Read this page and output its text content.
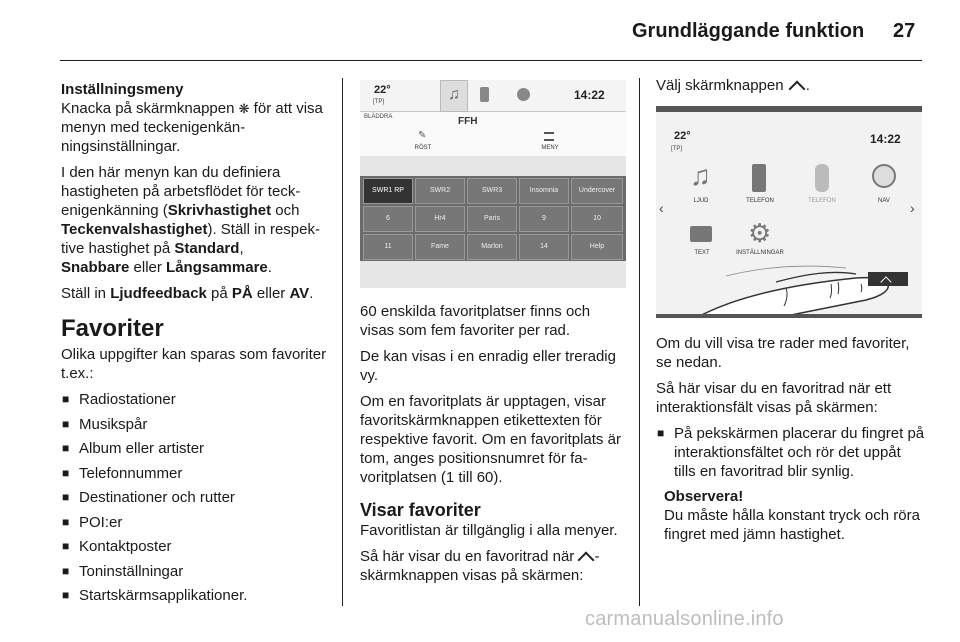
Grundläggande funktion 27
Inställningsmeny

Knacka på skärmknappen ❋ för att visa menyn med teckenigenkänningsinställningar.

I den här menyn kan du definiera hastigheten på arbetsflödet för teckenigenkänning (Skrivhastighet och Teckenvalshastighet). Ställ in respektive hastighet på Standard,
Snabbare eller Långsammare.

Ställ in Ljudfeedback på PÅ eller AV.

Favoriter

Olika uppgifter kan sparas som favoriter t.ex.:

■ Radiostationer
■ Musikspår
■ Album eller artister
■ Telefonnummer
■ Destinationer och rutter
■ POI:er
■ Kontaktposter
■ Toninställningar
■ Startskärmsapplikationer.
22°
[TP]	14:22
♫
BLÄDDRA	FFH
✎
RÖST	MENY
SWR1 RP	SWR2	SWR3	Insomnia	Undercover
6	Hr4	Paris	9	10
11	Fame	Marlon	14	Help

60 enskilda favoritplatser finns och visas som fem favoriter per rad.

De kan visas i en enradig eller treradig vy.

Om en favoritplats är upptagen, visar favoritskärmknappen etikettexten för respektive favorit. Om en favoritplats är tom, anges positionsnumret för favoritplatsen (1 till 60).

Visar favoriter

Favoritlistan är tillgänglig i alla menyer.

Så här visar du en favoritrad när -skärmknappen visas på skärmen:

Välj skärmknappen .

22°
[TP]
14:22
‹	›
♫
LJUD	TELEFON	TELEFON	NAV
TEXT
⚙
INSTÄLLNINGAR

Om du vill visa tre rader med favoriter, se nedan.

Så här visar du en favoritrad när ett interaktionsfält visas på skärmen:

■ På pekskärmen placerar du fingret på interaktionsfältet och rör det uppåt tills en favoritrad blir synlig.
Observera!
Du måste hålla konstant tryck och röra fingret med jämn hastighet.
carmanualsonline.info
